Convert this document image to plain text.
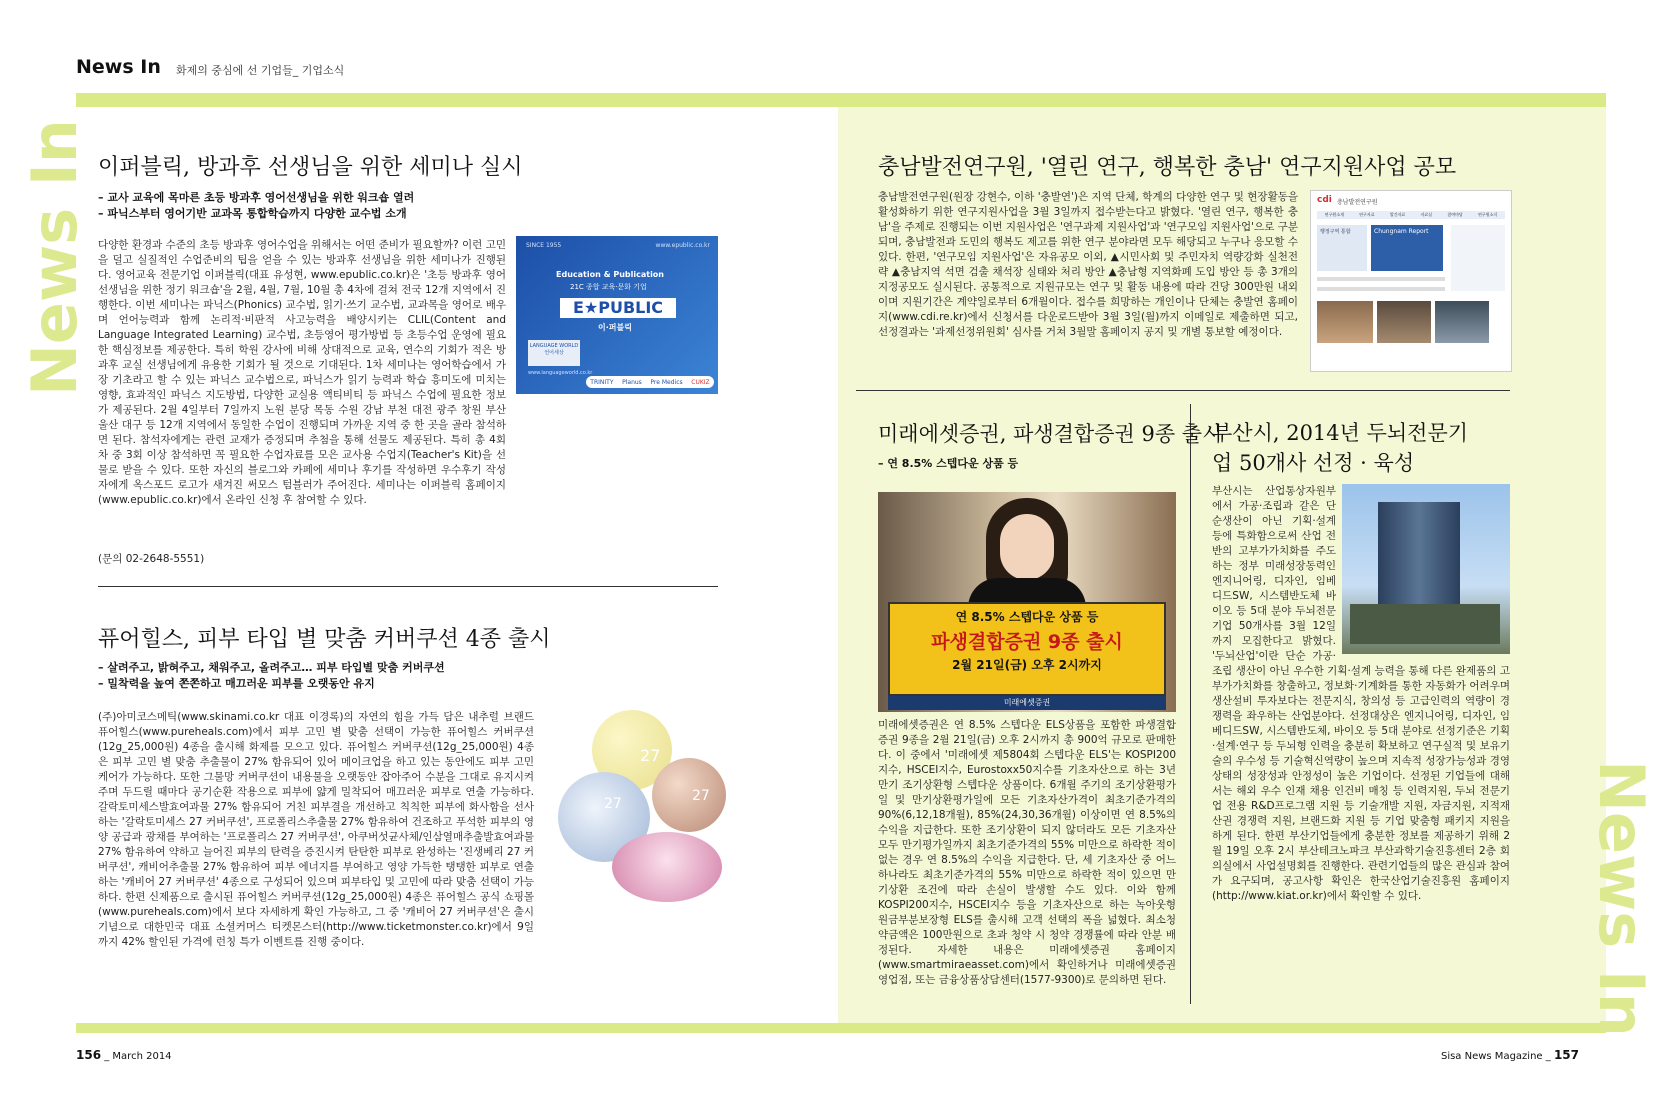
News In
News In
News In 화제의 중심에 선 기업들_ 기업소식
이퍼블릭, 방과후 선생님을 위한 세미나 실시
– 교사 교육에 목마른 초등 방과후 영어선생님을 위한 워크숍 열려
– 파닉스부터 영어기반 교과목 통합학습까지 다양한 교수법 소개
다양한 환경과 수준의 초등 방과후 영어수업을 위해서는 어떤 준비가 필요할까? 이런 고민을 덜고 실질적인 수업준비의 팁을 얻을 수 있는 방과후 선생님을 위한 세미나가 진행된다. 영어교육 전문기업 이퍼블릭(대표 유성현, www.epublic.co.kr)은 '초등 방과후 영어선생님을 위한 정기 워크숍'을 2월, 4월, 7월, 10월 총 4차에 걸쳐 전국 12개 지역에서 진행한다. 이번 세미나는 파닉스(Phonics) 교수법, 읽기·쓰기 교수법, 교과목을 영어로 배우며 언어능력과 함께 논리적·비판적 사고능력을 배양시키는 CLIL(Content and Language Integrated Learning) 교수법, 초등영어 평가방법 등 초등수업 운영에 필요한 핵심정보를 제공한다. 특히 학원 강사에 비해 상대적으로 교육, 연수의 기회가 적은 방과후 교실 선생님에게 유용한 기회가 될 것으로 기대된다. 1차 세미나는 영어학습에서 가장 기초라고 할 수 있는 파닉스 교수법으로, 파닉스가 읽기 능력과 학습 흥미도에 미치는 영향, 효과적인 파닉스 지도방법, 다양한 교실용 액티비티 등 파닉스 수업에 필요한 정보가 제공된다. 2월 4일부터 7일까지 노원 분당 목동 수원 강남 부천 대전 광주 창원 부산 울산 대구 등 12개 지역에서 동일한 수업이 진행되며 가까운 지역 중 한 곳을 골라 참석하면 된다. 참석자에게는 관련 교재가 증정되며 추첨을 통해 선물도 제공된다. 특히 총 4회차 중 3회 이상 참석하면 꼭 필요한 수업자료를 모은 교사용 수업지(Teacher's Kit)을 선물로 받을 수 있다. 또한 자신의 블로그와 카페에 세미나 후기를 작성하면 우수후기 작성자에게 옥스포드 로고가 새겨진 써모스 텀블러가 주어진다. 세미나는 이퍼블릭 홈페이지(www.epublic.co.kr)에서 온라인 신청 후 참여할 수 있다.
(문의 02-2648-5551)
SINCE 1955	www.epublic.co.kr
Education & Publication
21C 종합 교육·문화 기업
E★PUBLIC
이·퍼블릭
LANGUAGE WORLD
언어세상
www.languageworld.co.kr
TRINITY Planus Pre Medics CUKIZ
퓨어힐스, 피부 타입 별 맞춤 커버쿠션 4종 출시
– 살려주고, 밝혀주고, 채워주고, 올려주고… 피부 타입별 맞춤 커버쿠션
– 밀착력을 높여 쫀쫀하고 매끄러운 피부를 오랫동안 유지
(주)아미코스메틱(www.skinami.co.kr 대표 이경록)의 자연의 힘을 가득 담은 내추럴 브랜드 퓨어힐스(www.pureheals.com)에서 피부 고민 별 맞춤 선택이 가능한 퓨어힐스 커버쿠션(12g_25,000원) 4종을 출시해 화제를 모으고 있다. 퓨어힐스 커버쿠션(12g_25,000원) 4종은 피부 고민 별 맞춤 추출물이 27% 함유되어 있어 메이크업을 하고 있는 동안에도 피부 고민 케어가 가능하다. 또한 그물망 커버쿠션이 내용물을 오랫동안 잡아주어 수분을 그대로 유지시켜 주며 두드릴 때마다 공기순환 작용으로 피부에 얇게 밀착되어 매끄러운 피부로 연출 가능하다. 갈락토미세스발효여과물 27% 함유되어 거친 피부결을 개선하고 칙칙한 피부에 화사함을 선사하는 '갈락토미세스 27 커버쿠션', 프로폴리스추출물 27% 함유하여 건조하고 푸석한 피부의 영양 공급과 광채를 부여하는 '프로폴리스 27 커버쿠션', 아쿠버섯균사체/인삼열매추출발효여과물 27% 함유하여 약하고 늘어진 피부의 탄력을 증진시켜 탄탄한 피부로 완성하는 '진생베리 27 커버쿠션', 캐비어추출물 27% 함유하여 피부 에너지를 부여하고 영양 가득한 탱탱한 피부로 연출하는 '캐비어 27 커버쿠션' 4종으로 구성되어 있으며 피부타입 및 고민에 따라 맞춤 선택이 가능하다. 한편 신제품으로 출시된 퓨어힐스 커버쿠션(12g_25,000원) 4종은 퓨어힐스 공식 쇼핑몰(www.pureheals.com)에서 보다 자세하게 확인 가능하고, 그 중 '캐비어 27 커버쿠션'은 출시 기념으로 대한민국 대표 소셜커머스 티켓몬스터(http://www.ticketmonster.co.kr)에서 9일까지 42% 할인된 가격에 런칭 특가 이벤트를 진행 중이다.
27
27
27
충남발전연구원, '열린 연구, 행복한 충남' 연구지원사업 공모
충남발전연구원(원장 강현수, 이하 '충발연')은 지역 단체, 학계의 다양한 연구 및 현장활동을 활성화하기 위한 연구지원사업을 3월 3일까지 접수받는다고 밝혔다. '열린 연구, 행복한 충남'을 주제로 진행되는 이번 지원사업은 '연구과제 지원사업'과 '연구모임 지원사업'으로 구분되며, 충남발전과 도민의 행복도 제고를 위한 연구 분야라면 모두 해당되고 누구나 응모할 수 있다. 한편, '연구모임 지원사업'은 자유공모 이외, ▲시민사회 및 주민자치 역량강화 실천전략 ▲충남지역 석면 검출 채석장 실태와 처리 방안 ▲충남형 지역화폐 도입 방안 등 총 3개의 지정공모도 실시된다. 공통적으로 지원규모는 연구 및 활동 내용에 따라 건당 300만원 내외이며 지원기간은 계약일로부터 6개월이다. 접수를 희망하는 개인이나 단체는 충발연 홈페이지(www.cdi.re.kr)에서 신청서를 다운로드받아 3월 3일(월)까지 이메일로 제출하면 되고, 선정결과는 '과제선정위원회' 심사를 거쳐 3월말 홈페이지 공지 및 개별 통보할 예정이다.
cdi 충남발전연구원
연구원소개	연구자료	발간자료	자료실	참여마당	연구원소식
행정구역 통합	Chungnam Report
미래에셋증권, 파생결합증권 9종 출시
– 연 8.5% 스텝다운 상품 등
연 8.5% 스텝다운 상품 등
파생결합증권 9종 출시
2월 21일(금) 오후 2시까지
미래에셋증권
미래에셋증권은 연 8.5% 스텝다운 ELS상품을 포함한 파생결합증권 9종을 2월 21일(금) 오후 2시까지 총 900억 규모로 판매한다. 이 중에서 '미래에셋 제5804회 스텝다운 ELS'는 KOSPI200지수, HSCEI지수, Eurostoxx50지수를 기초자산으로 하는 3년 만기 조기상환형 스텝다운 상품이다. 6개월 주기의 조기상환평가일 및 만기상환평가일에 모든 기초자산가격이 최초기준가격의 90%(6,12,18개월), 85%(24,30,36개월) 이상이면 연 8.5%의 수익을 지급한다. 또한 조기상환이 되지 않더라도 모든 기초자산 모두 만기평가일까지 최초기준가격의 55% 미만으로 하락한 적이 없는 경우 연 8.5%의 수익을 지급한다. 단, 세 기초자산 중 어느 하나라도 최초기준가격의 55% 미만으로 하락한 적이 있으면 만기상환 조건에 따라 손실이 발생할 수도 있다. 이와 함께 KOSPI200지수, HSCEI지수 등을 기초자산으로 하는 녹아웃형 원금부분보장형 ELS를 출시해 고객 선택의 폭을 넓혔다. 최소청약금액은 100만원으로 초과 청약 시 청약 경쟁률에 따라 안분 배정된다. 자세한 내용은 미래에셋증권 홈페이지(www.smartmiraeasset.com)에서 확인하거나 미래에셋증권 영업점, 또는 금융상품상담센터(1577-9300)로 문의하면 된다.
부산시, 2014년 두뇌전문기업 50개사 선정 · 육성
부산시는 산업통상자원부에서 가공·조립과 같은 단순생산이 아닌 기획·설계 등에 특화함으로써 산업 전반의 고부가가치화를 주도하는 정부 미래성장동력인 엔지니어링, 디자인, 임베디드SW, 시스템반도체 바이오 등 5대 분야 두뇌전문기업 50개사를 3월 12일까지 모집한다고 밝혔다. '두뇌산업'이란 단순 가공·조립 생산이 아닌 우수한 기획·설계 능력을 통해 다른 완제품의 고부가가치화를 창출하고, 정보화·기계화를 통한 자동화가 어려우며 생산설비 투자보다는 전문지식, 창의성 등 고급인력의 역량이 경쟁력을 좌우하는 산업분야다. 선정대상은 엔지니어링, 디자인, 임베디드SW, 시스템반도체, 바이오 등 5대 분야로 선정기준은 기획·설계·연구 등 두뇌형 인력을 충분히 확보하고 연구실적 및 보유기술의 우수성 등 기술혁신역량이 높으며 지속적 성장가능성과 경영상태의 성장성과 안정성이 높은 기업이다. 선정된 기업들에 대해서는 해외 우수 인재 채용 인건비 매칭 등 인력지원, 두뇌 전문기업 전용 R&D프로그램 지원 등 기술개발 지원, 자금지원, 지적재산권 경쟁력 지원, 브랜드화 지원 등 기업 맞춤형 패키지 지원을 하게 된다. 한편 부산기업들에게 충분한 정보를 제공하기 위해 2월 19일 오후 2시 부산테크노파크 부산과학기술진흥센터 2층 회의실에서 사업설명회를 진행한다. 관련기업들의 많은 관심과 참여가 요구되며, 공고사항 확인은 한국산업기술진흥원 홈페이지(http://www.kiat.or.kr)에서 확인할 수 있다.
156 _ March 2014	Sisa News Magazine _ 157
